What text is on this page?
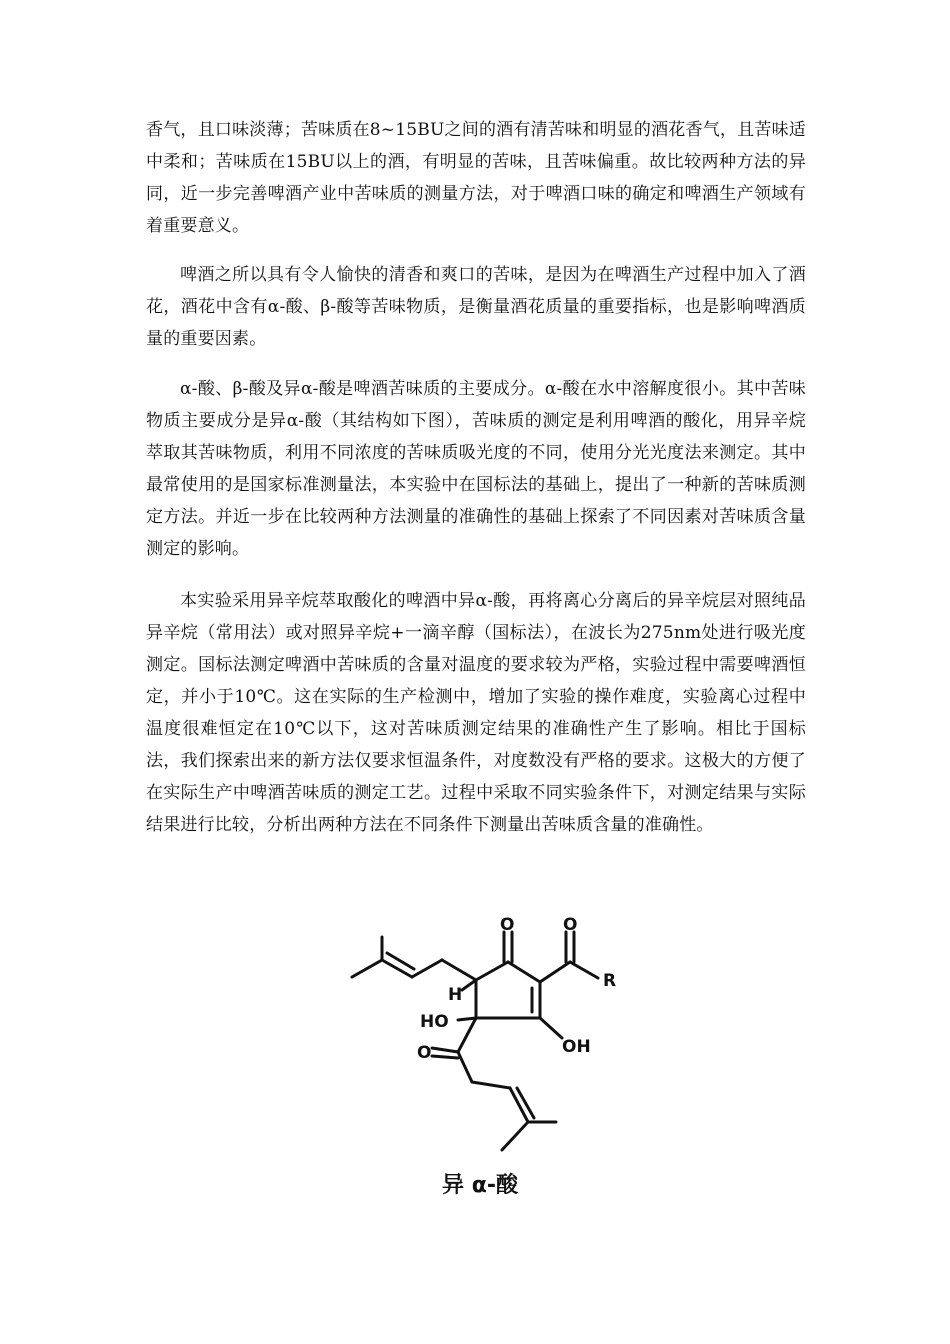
香气，且口味淡薄；苦味质在8~15BU之间的酒有清苦味和明显的酒花香气，且苦味适中柔和；苦味质在15BU以上的酒，有明显的苦味，且苦味偏重。故比较两种方法的异同，近一步完善啤酒产业中苦味质的测量方法，对于啤酒口味的确定和啤酒生产领域有着重要意义。

啤酒之所以具有令人愉快的清香和爽口的苦味，是因为在啤酒生产过程中加入了酒花，酒花中含有α-酸、β-酸等苦味物质，是衡量酒花质量的重要指标，也是影响啤酒质量的重要因素。

α-酸、β-酸及异α-酸是啤酒苦味质的主要成分。α-酸在水中溶解度很小。其中苦味物质主要成分是异α-酸（其结构如下图），苦味质的测定是利用啤酒的酸化，用异辛烷萃取其苦味物质，利用不同浓度的苦味质吸光度的不同，使用分光光度法来测定。其中最常使用的是国家标准测量法，本实验中在国标法的基础上，提出了一种新的苦味质测定方法。并近一步在比较两种方法测量的准确性的基础上探索了不同因素对苦味质含量测定的影响。

本实验采用异辛烷萃取酸化的啤酒中异α-酸，再将离心分离后的异辛烷层对照纯品异辛烷（常用法）或对照异辛烷+一滴辛醇（国标法），在波长为275nm处进行吸光度测定。国标法测定啤酒中苦味质的含量对温度的要求较为严格，实验过程中需要啤酒恒定，并小于10℃。这在实际的生产检测中，增加了实验的操作难度，实验离心过程中温度很难恒定在10℃以下，这对苦味质测定结果的准确性产生了影响。相比于国标法，我们探索出来的新方法仅要求恒温条件，对度数没有严格的要求。这极大的方便了在实际生产中啤酒苦味质的测定工艺。过程中采取不同实验条件下，对测定结果与实际结果进行比较，分析出两种方法在不同条件下测量出苦味质含量的准确性。

O	O
R
H
HO
OH
O
异 α-酸
